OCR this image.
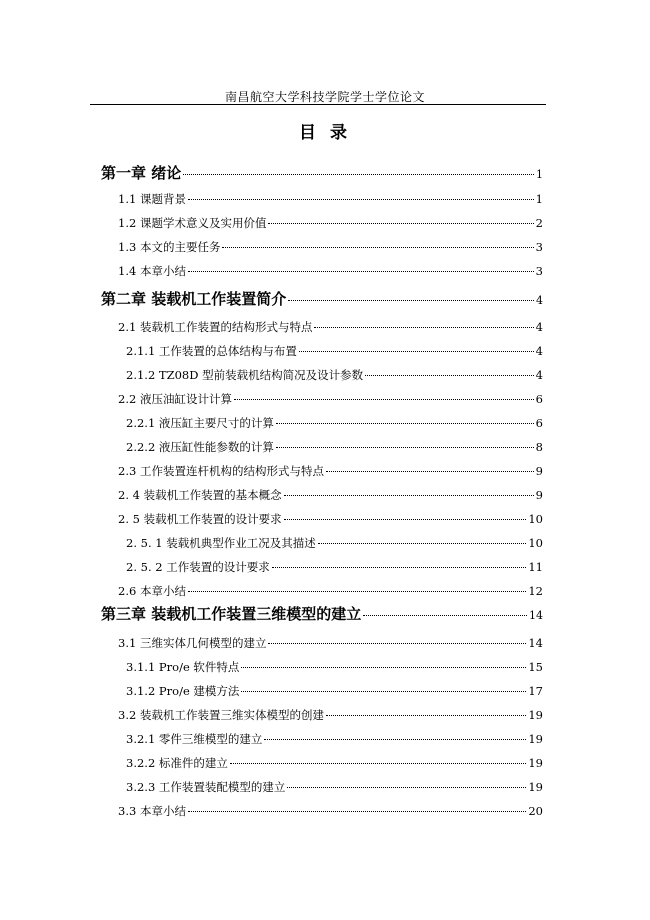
南昌航空大学科技学院学士学位论文
目 录
第一章 绪论	1
1.1 课题背景	1
1.2 课题学术意义及实用价值	2
1.3 本文的主要任务	3
1.4 本章小结	3
第二章 装载机工作装置简介	4
2.1 装载机工作装置的结构形式与特点	4
2.1.1 工作装置的总体结构与布置	4
2.1.2 TZ08D 型前装载机结构简况及设计参数	4
2.2 液压油缸设计计算	6
2.2.1 液压缸主要尺寸的计算	6
2.2.2 液压缸性能参数的计算	8
2.3 工作装置连杆机构的结构形式与特点	9
2. 4 装载机工作装置的基本概念	9
2. 5 装载机工作装置的设计要求	10
2. 5. 1 装载机典型作业工况及其描述	10
2. 5. 2 工作装置的设计要求	11
2.6 本章小结	12
第三章 装载机工作装置三维模型的建立	14
3.1 三维实体几何模型的建立	14
3.1.1 Pro/e 软件特点	15
3.1.2 Pro/e 建模方法	17
3.2 装载机工作装置三维实体模型的创建	19
3.2.1 零件三维模型的建立	19
3.2.2 标准件的建立	19
3.2.3 工作装置装配模型的建立	19
3.3 本章小结	20
